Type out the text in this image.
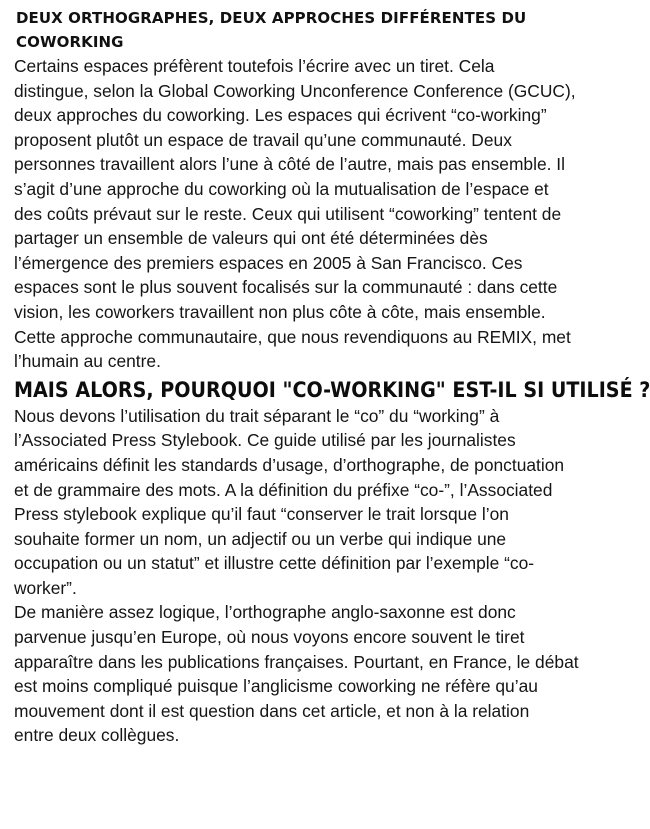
DEUX ORTHOGRAPHES, DEUX APPROCHES DIFFÉRENTES DU
COWORKING
Certains espaces préfèrent toutefois l’écrire avec un tiret. Cela
distingue, selon la Global Coworking Unconference Conference (GCUC),
deux approches du coworking. Les espaces qui écrivent “co-working”
proposent plutôt un espace de travail qu’une communauté. Deux
personnes travaillent alors l’une à côté de l’autre, mais pas ensemble. Il
s’agit d’une approche du coworking où la mutualisation de l’espace et
des coûts prévaut sur le reste. Ceux qui utilisent “coworking” tentent de
partager un ensemble de valeurs qui ont été déterminées dès
l’émergence des premiers espaces en 2005 à San Francisco. Ces
espaces sont le plus souvent focalisés sur la communauté : dans cette
vision, les coworkers travaillent non plus côte à côte, mais ensemble.
Cette approche communautaire, que nous revendiquons au REMIX, met
l’humain au centre.
MAIS ALORS, POURQUOI "CO-WORKING" EST-IL SI UTILISÉ ?
Nous devons l’utilisation du trait séparant le “co” du “working” à
l’Associated Press Stylebook. Ce guide utilisé par les journalistes
américains définit les standards d’usage, d’orthographe, de ponctuation
et de grammaire des mots. A la définition du préfixe “co-”, l’Associated
Press stylebook explique qu’il faut “conserver le trait lorsque l’on
souhaite former un nom, un adjectif ou un verbe qui indique une
occupation ou un statut” et illustre cette définition par l’exemple “co-
worker”.
De manière assez logique, l’orthographe anglo-saxonne est donc
parvenue jusqu’en Europe, où nous voyons encore souvent le tiret
apparaître dans les publications françaises. Pourtant, en France, le débat
est moins compliqué puisque l’anglicisme coworking ne réfère qu’au
mouvement dont il est question dans cet article, et non à la relation
entre deux collègues.
